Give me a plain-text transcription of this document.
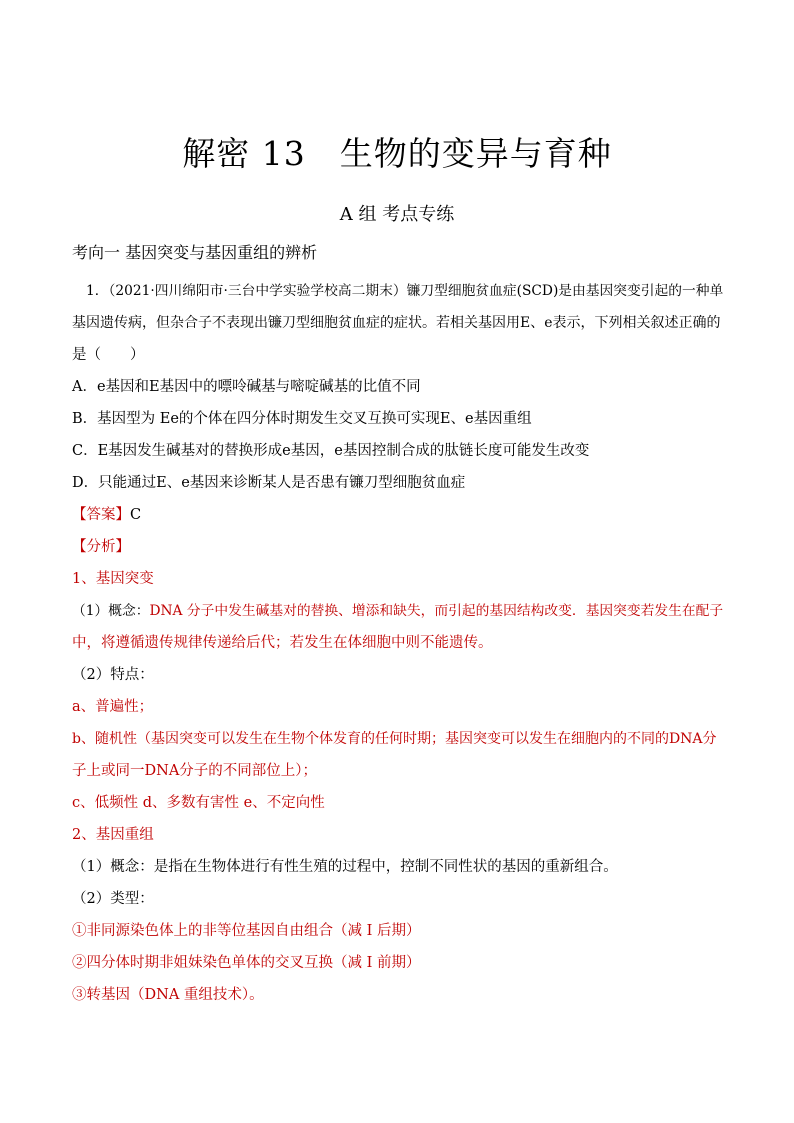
解密 13　生物的变异与育种
A 组 考点专练
考向一 基因突变与基因重组的辨析
1．（2021·四川绵阳市·三台中学实验学校高二期末）镰刀型细胞贫血症(SCD)是由基因突变引起的一种单
基因遗传病，但杂合子不表现出镰刀型细胞贫血症的症状。若相关基因用E、e表示，下列相关叙述正确的
是（　　）
A．e基因和E基因中的嘌呤碱基与嘧啶碱基的比值不同
B．基因型为 Ee的个体在四分体时期发生交叉互换可实现E、e基因重组
C．E基因发生碱基对的替换形成e基因，e基因控制合成的肽链长度可能发生改变
D．只能通过E、e基因来诊断某人是否患有镰刀型细胞贫血症
【答案】C
【分析】
1、基因突变
（1）概念：DNA 分子中发生碱基对的替换、增添和缺失，而引起的基因结构改变．基因突变若发生在配子
中，将遵循遗传规律传递给后代；若发生在体细胞中则不能遗传。
（2）特点：
a、普遍性；
b、随机性（基因突变可以发生在生物个体发育的任何时期；基因突变可以发生在细胞内的不同的DNA分
子上或同一DNA分子的不同部位上）；
c、低频性 d、多数有害性 e、不定向性
2、基因重组
（1）概念：是指在生物体进行有性生殖的过程中，控制不同性状的基因的重新组合。
（2）类型：
①非同源染色体上的非等位基因自由组合（减 I 后期）
②四分体时期非姐妹染色单体的交叉互换（减 I 前期）
③转基因（DNA 重组技术）。
